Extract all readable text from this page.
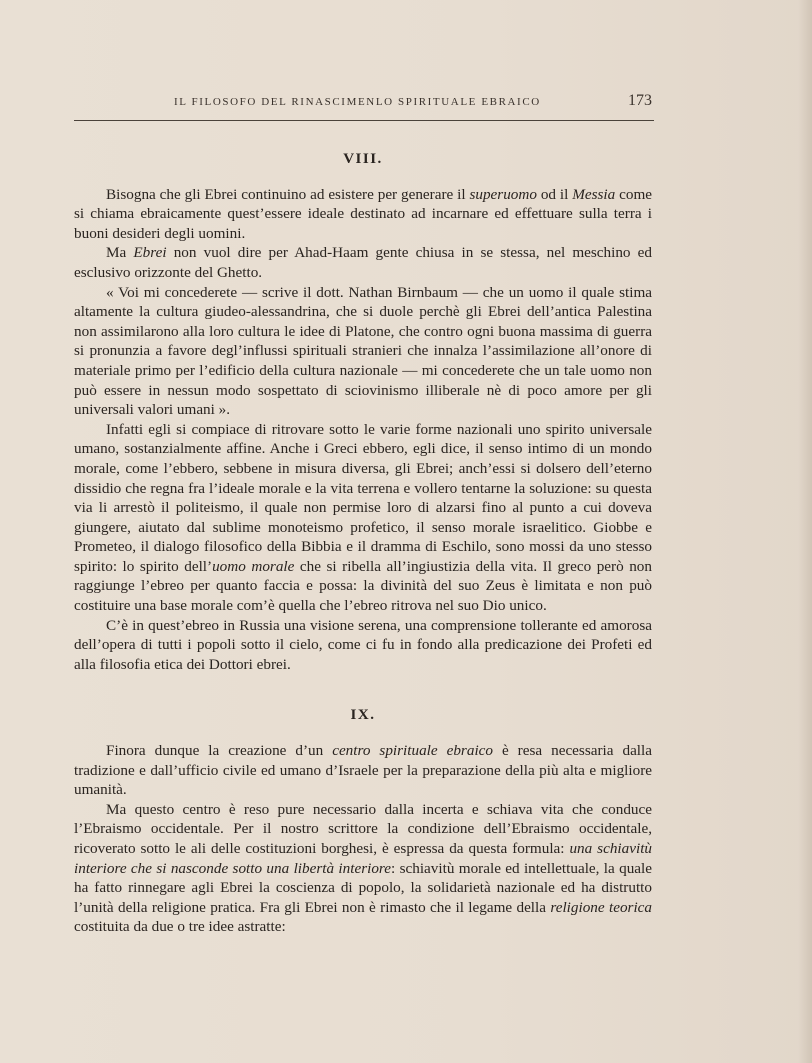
IL FILOSOFO DEL RINASCIMENLO SPIRITUALE EBRAICO	173
VIII.

Bisogna che gli Ebrei continuino ad esistere per generare il superuomo od il Messia come si chiama ebraicamente quest’essere ideale destinato ad incarnare ed effettuare sulla terra i buoni desideri degli uomini.

Ma Ebrei non vuol dire per Ahad-Haam gente chiusa in se stessa, nel meschino ed esclusivo orizzonte del Ghetto.

« Voi mi concederete — scrive il dott. Nathan Birnbaum — che un uomo il quale stima altamente la cultura giudeo-alessandrina, che si duole perchè gli Ebrei dell’antica Palestina non assimilarono alla loro cultura le idee di Platone, che contro ogni buona massima di guerra si pronunzia a favore degl’influssi spirituali stranieri che innalza l’assimilazione all’onore di materiale primo per l’edificio della cultura nazionale — mi concederete che un tale uomo non può essere in nessun modo sospettato di sciovinismo illiberale nè di poco amore per gli universali valori umani ».

Infatti egli si compiace di ritrovare sotto le varie forme nazionali uno spirito universale umano, sostanzialmente affine. Anche i Greci ebbero, egli dice, il senso intimo di un mondo morale, come l’ebbero, sebbene in misura diversa, gli Ebrei; anch’essi si dolsero dell’eterno dissidio che regna fra l’ideale morale e la vita terrena e vollero tentarne la soluzione: su questa via li arrestò il politeismo, il quale non permise loro di alzarsi fino al punto a cui doveva giungere, aiutato dal sublime monoteismo profetico, il senso morale israelitico. Giobbe e Prometeo, il dialogo filosofico della Bibbia e il dramma di Eschilo, sono mossi da uno stesso spirito: lo spirito dell’uomo morale che si ribella all’ingiustizia della vita. Il greco però non raggiunge l’ebreo per quanto faccia e possa: la divinità del suo Zeus è limitata e non può costituire una base morale com’è quella che l’ebreo ritrova nel suo Dio unico.

C’è in quest’ebreo in Russia una visione serena, una comprensione tollerante ed amorosa dell’opera di tutti i popoli sotto il cielo, come ci fu in fondo alla predicazione dei Profeti ed alla filosofia etica dei Dottori ebrei.

IX.

Finora dunque la creazione d’un centro spirituale ebraico è resa necessaria dalla tradizione e dall’ufficio civile ed umano d’Israele per la preparazione della più alta e migliore umanità.

Ma questo centro è reso pure necessario dalla incerta e schiava vita che conduce l’Ebraismo occidentale. Per il nostro scrittore la condizione dell’Ebraismo occidentale, ricoverato sotto le ali delle costituzioni borghesi, è espressa da questa formula: una schiavitù interiore che si nasconde sotto una libertà interiore: schiavitù morale ed intellettuale, la quale ha fatto rinnegare agli Ebrei la coscienza di popolo, la solidarietà nazionale ed ha distrutto l’unità della religione pratica. Fra gli Ebrei non è rimasto che il legame della religione teorica costituita da due o tre idee astratte:
